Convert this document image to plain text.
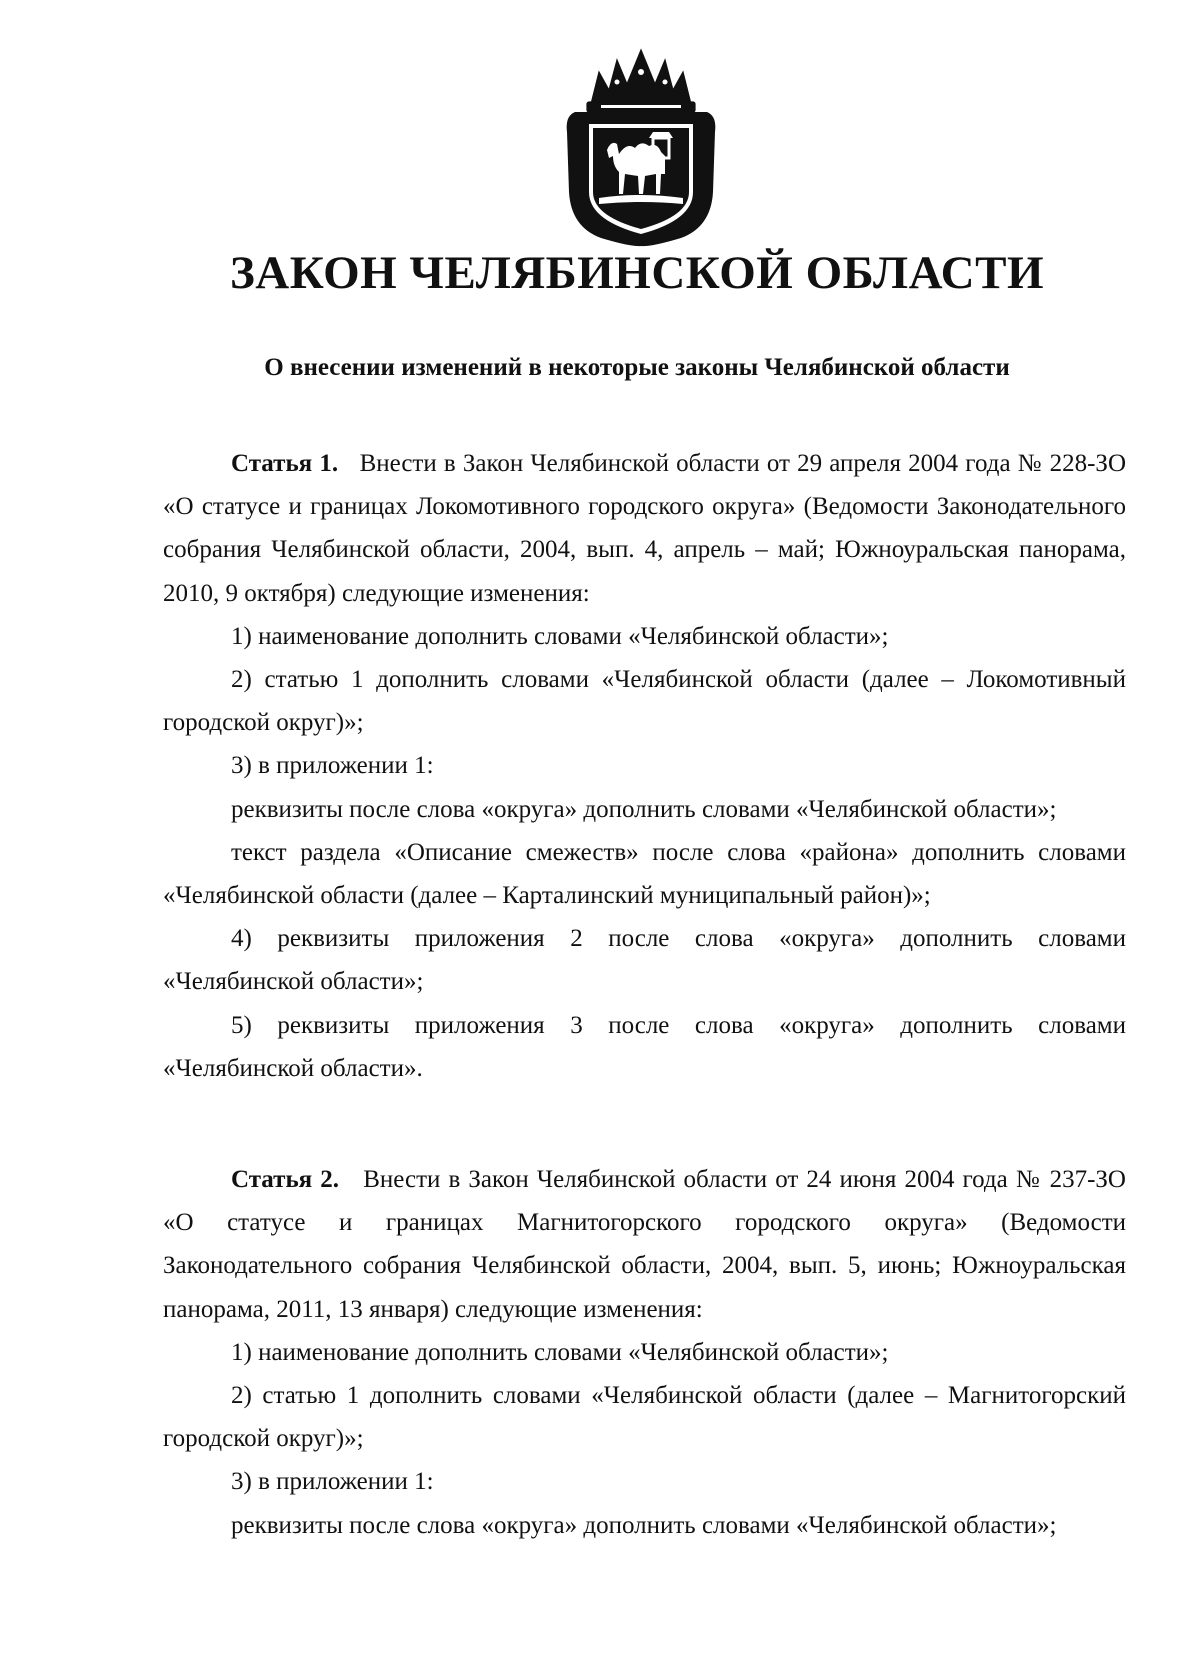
ЗАКОН ЧЕЛЯБИНСКОЙ ОБЛАСТИ
О внесении изменений в некоторые законы Челябинской области

Статья 1. Внести в Закон Челябинской области от 29 апреля 2004 года № 228-ЗО «О статусе и границах Локомотивного городского округа» (Ведомости Законодательного собрания Челябинской области, 2004, вып. 4, апрель – май; Южноуральская панорама, 2010, 9 октября) следующие изменения:

1) наименование дополнить словами «Челябинской области»;

2) статью 1 дополнить словами «Челябинской области (далее – Локомотивный городской округ)»;

3) в приложении 1:

реквизиты после слова «округа» дополнить словами «Челябинской области»;

текст раздела «Описание смежеств» после слова «района» дополнить словами «Челябинской области (далее – Карталинский муниципальный район)»;

4) реквизиты приложения 2 после слова «округа» дополнить словами «Челябинской области»;

5) реквизиты приложения 3 после слова «округа» дополнить словами «Челябинской области».

Статья 2. Внести в Закон Челябинской области от 24 июня 2004 года № 237-ЗО «О статусе и границах Магнитогорского городского округа» (Ведомости Законодательного собрания Челябинской области, 2004, вып. 5, июнь; Южноуральская панорама, 2011, 13 января) следующие изменения:

1) наименование дополнить словами «Челябинской области»;

2) статью 1 дополнить словами «Челябинской области (далее – Магнитогорский городской округ)»;

3) в приложении 1:

реквизиты после слова «округа» дополнить словами «Челябинской области»;
